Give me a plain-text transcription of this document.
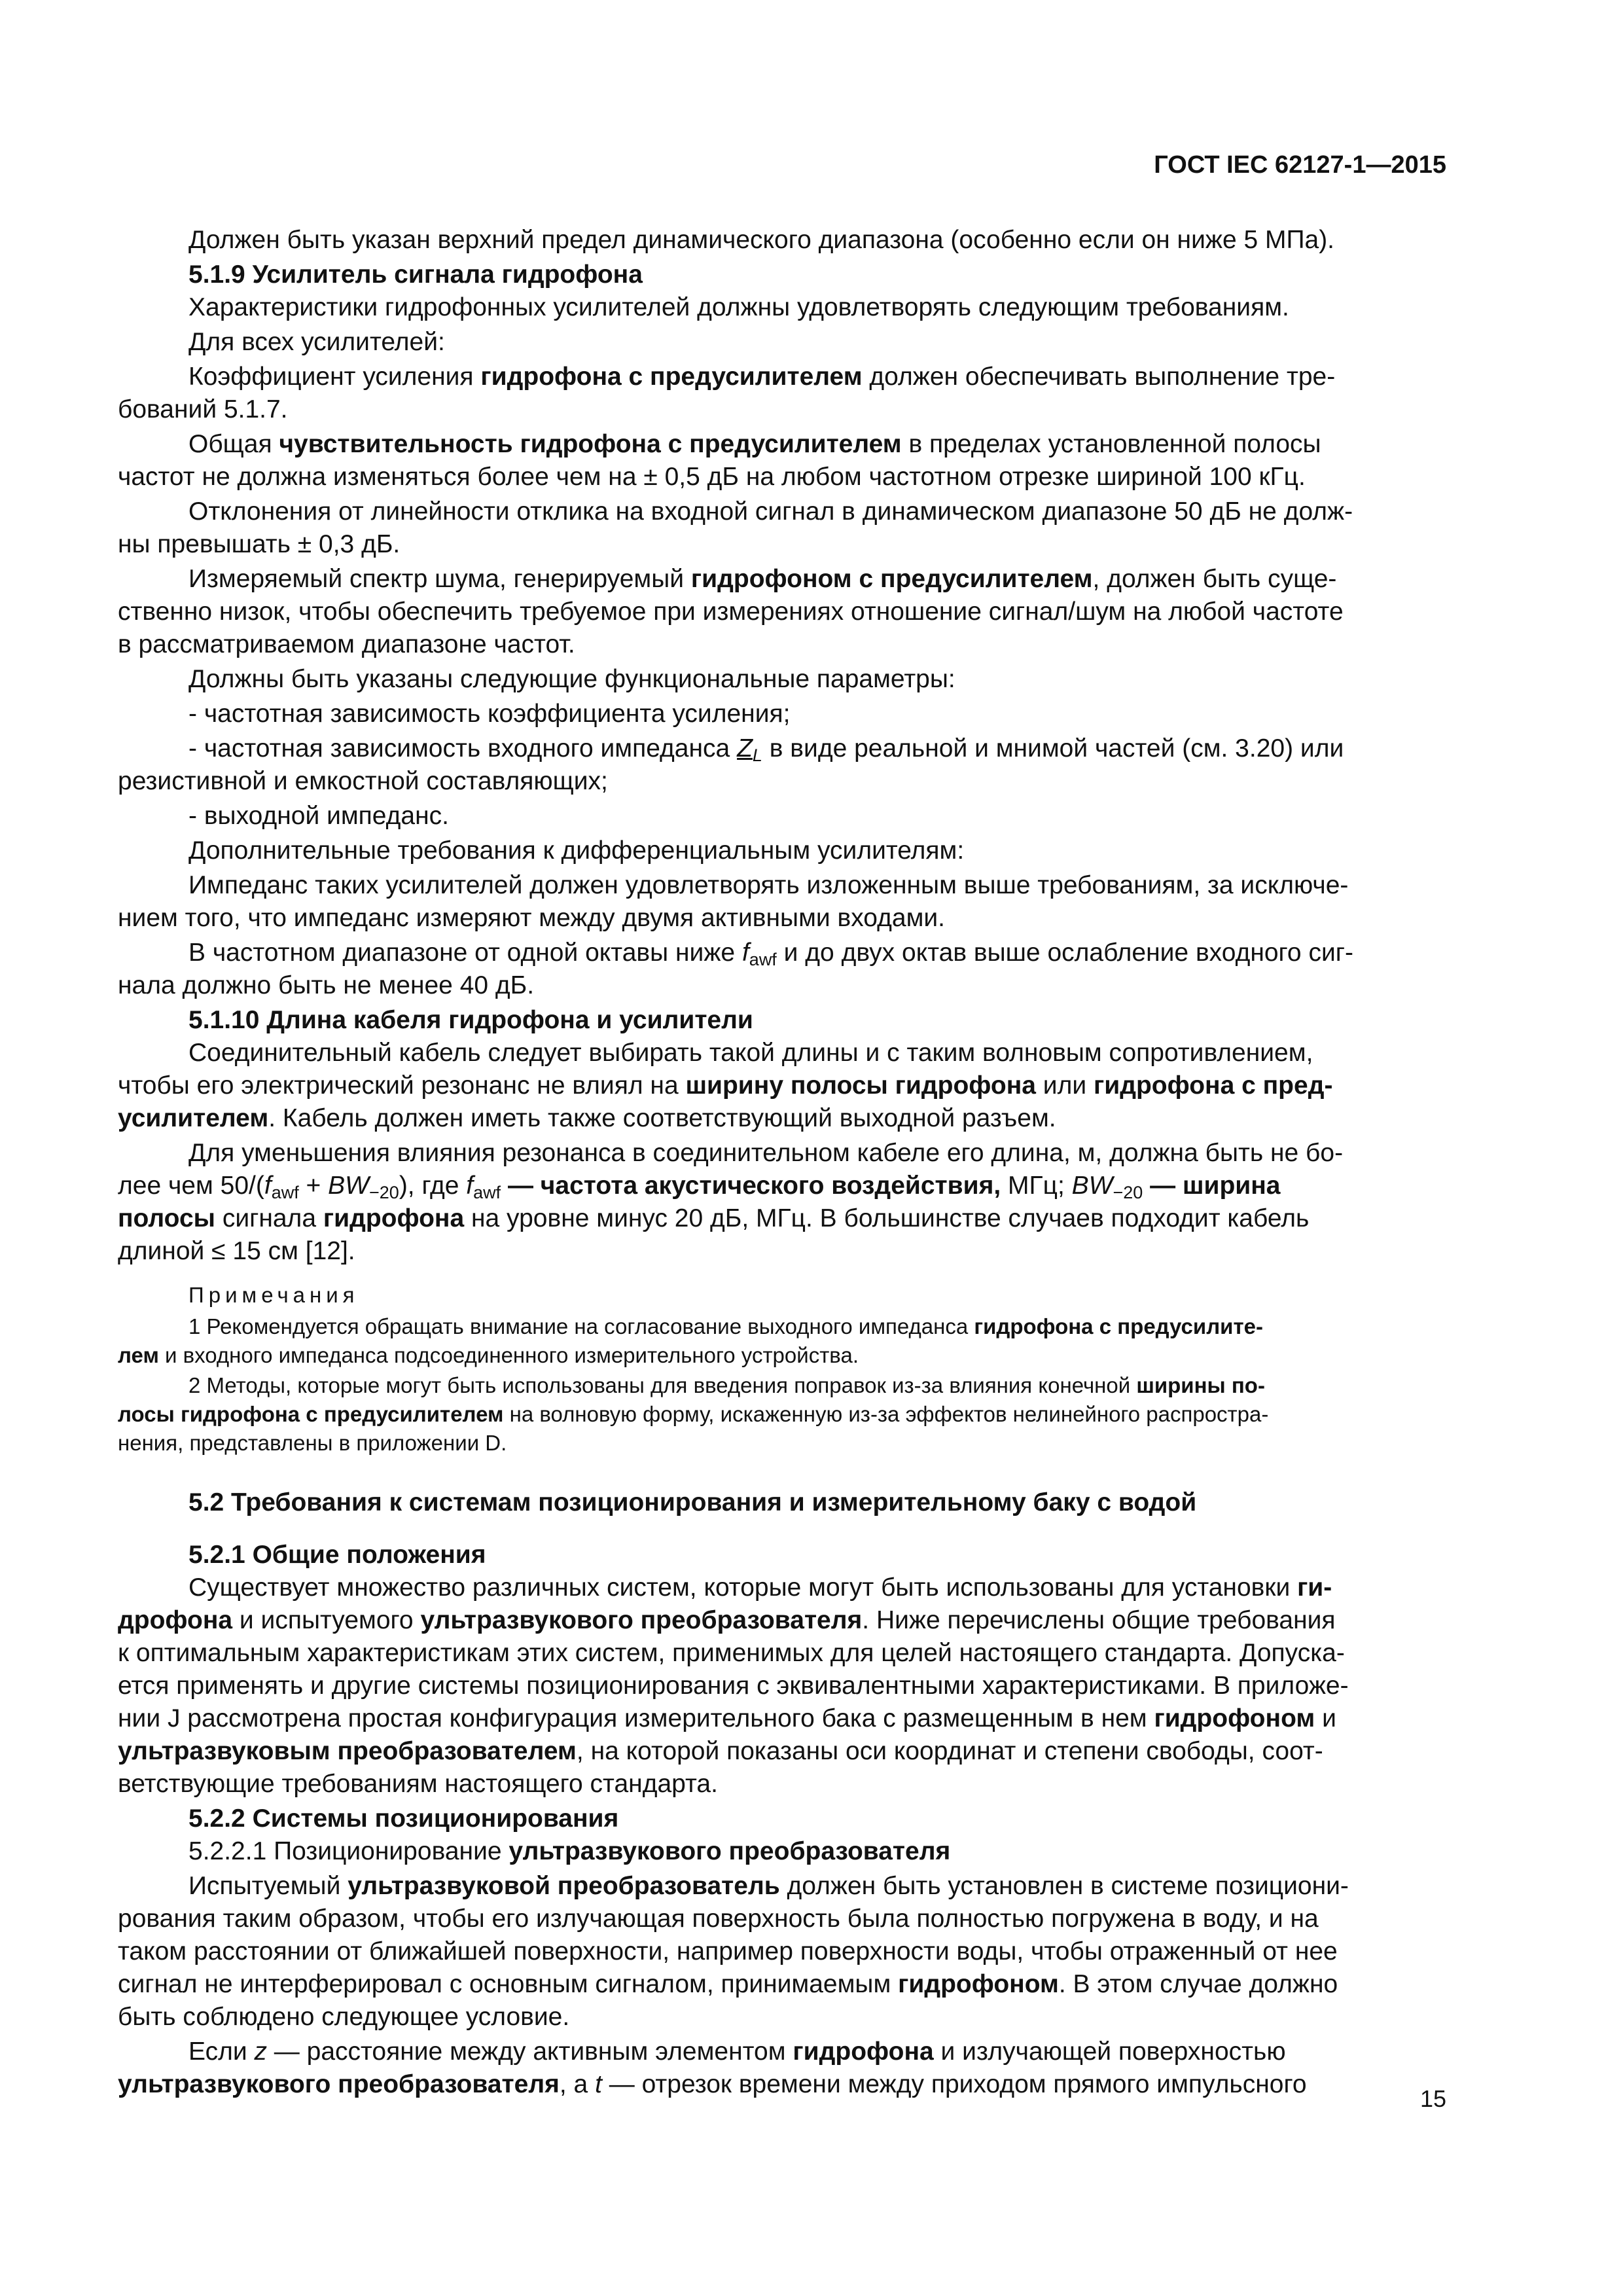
ГОСТ IEC 62127-1—2015

Должен быть указан верхний предел динамического диапазона (особенно если он ниже 5 МПа).

5.1.9 Усилитель сигнала гидрофона

Характеристики гидрофонных усилителей должны удовлетворять следующим требованиям.

Для всех усилителей:

Коэффициент усиления гидрофона с предусилителем должен обеспечивать выполнение тре-
бований 5.1.7.

Общая чувствительность гидрофона с предусилителем в пределах установленной полосы
частот не должна изменяться более чем на ± 0,5 дБ на любом частотном отрезке шириной 100 кГц.

Отклонения от линейности отклика на входной сигнал в динамическом диапазоне 50 дБ не долж-
ны превышать ± 0,3 дБ.

Измеряемый спектр шума, генерируемый гидрофоном с предусилителем, должен быть суще-
ственно низок, чтобы обеспечить требуемое при измерениях отношение сигнал/шум на любой частоте
в рассматриваемом диапазоне частот.

Должны быть указаны следующие функциональные параметры:

- частотная зависимость коэффициента усиления;

- частотная зависимость входного импеданса $Z_L$ в виде реальной и мнимой частей (см. 3.20) или
резистивной и емкостной составляющих;

- выходной импеданс.

Дополнительные требования к дифференциальным усилителям:

Импеданс таких усилителей должен удовлетворять изложенным выше требованиям, за исключе-
нием того, что импеданс измеряют между двумя активными входами.

В частотном диапазоне от одной октавы ниже $f_{awf}$ и до двух октав выше ослабление входного сиг-
нала должно быть не менее 40 дБ.

5.1.10 Длина кабеля гидрофона и усилители

Соединительный кабель следует выбирать такой длины и с таким волновым сопротивлением,
чтобы его электрический резонанс не влиял на ширину полосы гидрофона или гидрофона с пред-
усилителем. Кабель должен иметь также соответствующий выходной разъем.

Для уменьшения влияния резонанса в соединительном кабеле его длина, м, должна быть не бо-
лее чем $50/(f_{awf} + BW_{-20})$, где $f_{awf}$ — частота акустического воздействия, МГц; $BW_{-20}$ — ширина
полосы сигнала гидрофона на уровне минус 20 дБ, МГц. В большинстве случаев подходит кабель
длиной ≤ 15 см [12].

Примечания

1 Рекомендуется обращать внимание на согласование выходного импеданса гидрофона с предусилите-
лем и входного импеданса подсоединенного измерительного устройства.

2 Методы, которые могут быть использованы для введения поправок из-за влияния конечной ширины по-
лосы гидрофона с предусилителем на волновую форму, искаженную из-за эффектов нелинейного распростра-
нения, представлены в приложении D.

5.2 Требования к системам позиционирования и измерительному баку с водой

5.2.1 Общие положения

Существует множество различных систем, которые могут быть использованы для установки ги-
дрофона и испытуемого ультразвукового преобразователя. Ниже перечислены общие требования
к оптимальным характеристикам этих систем, применимых для целей настоящего стандарта. Допуска-
ется применять и другие системы позиционирования с эквивалентными характеристиками. В приложе-
нии J рассмотрена простая конфигурация измерительного бака с размещенным в нем гидрофоном и
ультразвуковым преобразователем, на которой показаны оси координат и степени свободы, соот-
ветствующие требованиям настоящего стандарта.

5.2.2 Системы позиционирования

5.2.2.1 Позиционирование ультразвукового преобразователя

Испытуемый ультразвуковой преобразователь должен быть установлен в системе позициони-
рования таким образом, чтобы его излучающая поверхность была полностью погружена в воду, и на
таком расстоянии от ближайшей поверхности, например поверхности воды, чтобы отраженный от нее
сигнал не интерферировал с основным сигналом, принимаемым гидрофоном. В этом случае должно
быть соблюдено следующее условие.

Если z — расстояние между активным элементом гидрофона и излучающей поверхностью
ультразвукового преобразователя, а t — отрезок времени между приходом прямого импульсного

15
